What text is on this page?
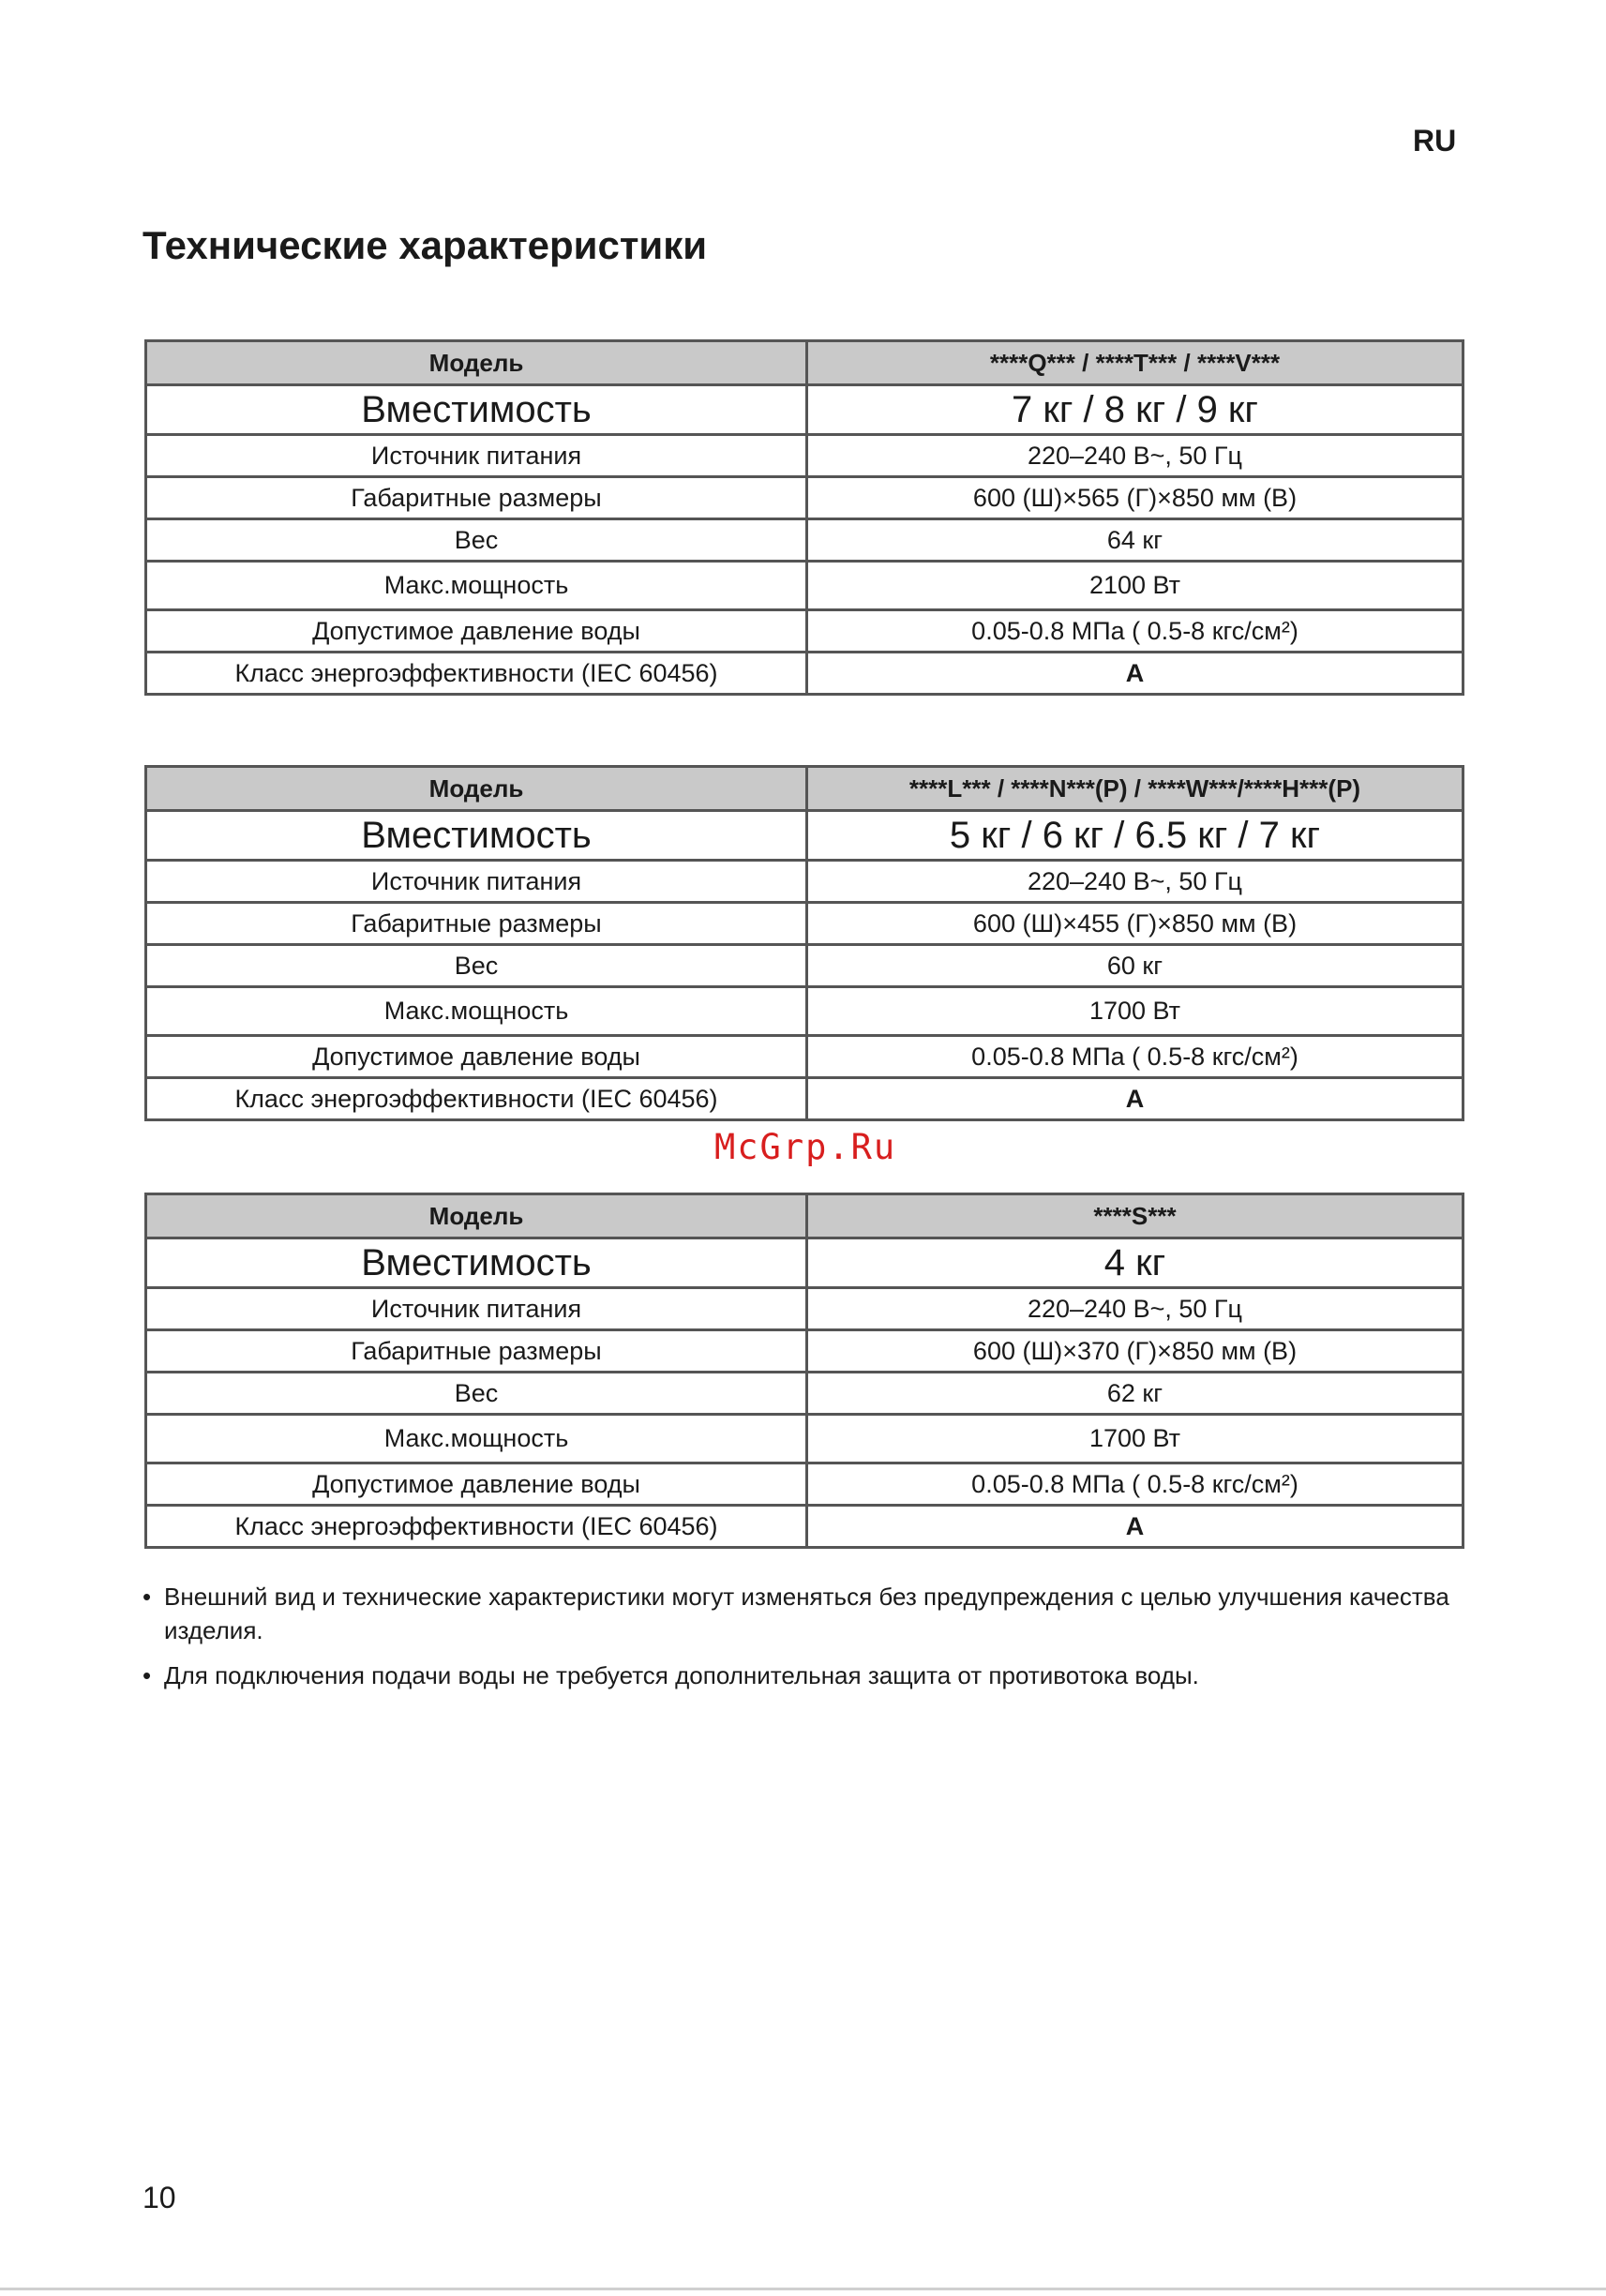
RU
Технические характеристики
Модель	****Q*** / ****T*** / ****V***
Вместимость	7 кг / 8 кг / 9 кг
Источник питания	220–240 В~, 50 Гц
Габаритные размеры	600 (Ш)×565 (Г)×850 мм (В)
Вес	64 кг
Макс.мощность	2100 Вт
Допустимое давление воды	0.05-0.8 МПа ( 0.5-8 кгс/см²)
Класс энергоэффективности (IEC 60456)	A
Модель	****L*** / ****N***(P) / ****W***/****H***(P)
Вместимость	5 кг / 6 кг / 6.5 кг / 7 кг
Источник питания	220–240 В~, 50 Гц
Габаритные размеры	600 (Ш)×455 (Г)×850 мм (В)
Вес	60 кг
Макс.мощность	1700 Вт
Допустимое давление воды	0.05-0.8 МПа ( 0.5-8 кгс/см²)
Класс энергоэффективности (IEC 60456)	A
McGrp.Ru
Модель	****S***
Вместимость	4 кг
Источник питания	220–240 В~, 50 Гц
Габаритные размеры	600 (Ш)×370 (Г)×850 мм (В)
Вес	62 кг
Макс.мощность	1700 Вт
Допустимое давление воды	0.05-0.8 МПа ( 0.5-8 кгс/см²)
Класс энергоэффективности (IEC 60456)	A
• Внешний вид и технические характеристики могут изменяться без предупреждения с целью улучшения качества изделия.
• Для подключения подачи воды не требуется дополнительная защита от противотока воды.
10
